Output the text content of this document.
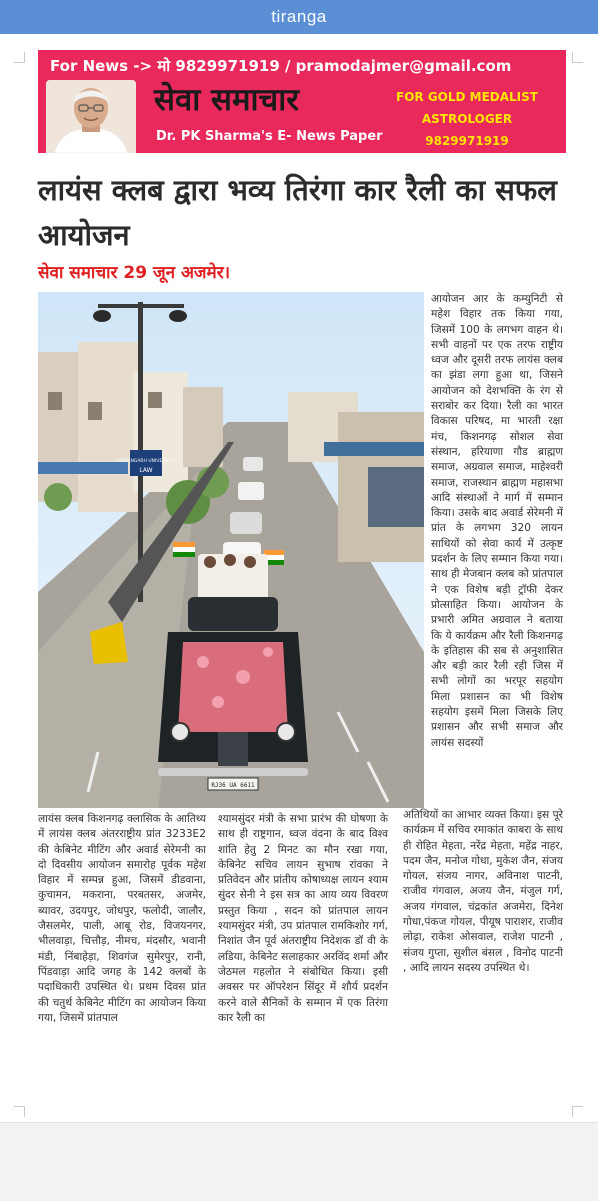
tiranga
For News -> मो 9829971919 / pramodajmer@gmail.com
सेवा समाचार
Dr. PK Sharma's E- News Paper
FOR GOLD MEDALIST
ASTROLOGER
9829971919
लायंस क्लब द्वारा भव्य तिरंगा कार रैली का सफल आयोजन
सेवा समाचार 29 जून अजमेर।
KISHANGARH UNIVERSITY
LAW
RJ36 UA 6611

आयोजन आर के कम्युनिटी से महेश विहार तक किया गया, जिसमें 100 के लगभग वाहन थे। सभी वाहनों पर एक तरफ राष्ट्रीय ध्वज और दूसरी तरफ लायंस क्लब का झंडा लगा हुआ था, जिसने आयोजन को देशभक्ति के रंग से सराबोर कर दिया। रैली का भारत विकास परिषद, मा भारती रक्षा मंच, किशनगढ़ सोशल सेवा संस्थान, हरियाणा गौड ब्राह्मण समाज, अग्रवाल समाज, माहेश्वरी समाज, राजस्थान ब्राह्मण महासभा आदि संस्थाओं ने मार्ग में सम्मान किया। उसके बाद अवार्ड सेरेमनी में प्रांत के लगभग 320 लायन साथियों को सेवा कार्य में उत्कृष्ट प्रदर्शन के लिए सम्मान किया गया। साथ ही मेजबान क्लब को प्रांतपाल ने एक विशेष बड़ी ट्रॉफी देकर प्रोत्साहित किया। आयोजन के प्रभारी अमित अग्रवाल ने बताया कि ये कार्यक्रम और रैली किशनगढ़ के इतिहास की सब से अनुशासित और बड़ी कार रैली रही जिस में सभी लोगों का भरपूर सहयोग मिला प्रशासन का भी विशेष सहयोग इसमें मिला जिसके लिए प्रशासन और सभी समाज और लायंस सदस्यों

अतिथियों का आभार व्यक्त किया। इस पूरे कार्यक्रम में सचिव रमाकांत काबरा के साथ ही रोहित मेहता, नरेंद्र मेहता, महेंद्र नाहर, पदम जैन, मनोज गोधा, मुकेश जैन, संजय गोयल, संजय नागर, अविनाश पाटनी, राजीव गंगवाल, अजय जैन, मंजुल गर्ग, अजय गंगवाल, चंद्रकांत अजमेरा, दिनेश गोधा,पंकज गोयल, पीयूष पाराशर, राजीव लोढ़ा, राकेश ओसवाल, राजेश पाटनी , संजय गुप्ता, सुशील बंसल , विनोद पाटनी , आदि लायन सदस्य उपस्थित थे।

लायंस क्लब किशनगढ़ क्लासिक के आतिथ्य में लायंस क्लब अंतरराष्ट्रीय प्रांत 3233E2 की केबिनेट मीटिंग और अवार्ड सेरेमनी का दो दिवसीय आयोजन समारोह पूर्वक महेश विहार में सम्पन्न हुआ, जिसमें डीडवाना, कुचामन, मकराना, परबतसर, अजमेर, ब्यावर, उदयपुर, जोधपुर, फलोदी, जालौर, जैसलमेर, पाली, आबू रोड, विजयनगर, भीलवाड़ा, चित्तौड़, नीमच, मंदसौर, भवानी मंडी, निंबाहेड़ा, शिवगंज सुमेरपुर, रानी, पिंडवाड़ा आदि जगह के 142 क्लबों के पदाधिकारी उपस्थित थे। प्रथम दिवस प्रांत की चतुर्थ केबिनेट मीटिंग का आयोजन किया गया, जिसमें प्रांतपाल

श्यामसुंदर मंत्री के सभा प्रारंभ की घोषणा के साथ ही राष्ट्रगान, ध्वज वंदना के बाद विश्व शांति हेतु 2 मिनट का मौन रखा गया, केबिनेट सचिव लायन सुभाष रांवका ने प्रतिवेदन और प्रांतीय कोषाध्यक्ष लायन श्याम सुंदर सेनी ने इस सत्र का आय व्यय विवरण प्रस्तुत किया , सदन को प्रांतपाल लायन श्यामसुंदर मंत्री, उप प्रांतपाल रामकिशोर गर्ग, निशांत जैन पूर्व अंतराष्ट्रीय निदेशक डॉ वी के लडिया, केबिनेट सलाहकार अरविंद शर्मा और जेठमल गहलोत ने संबोधित किया। इसी अवसर पर ऑपरेशन सिंदूर में शौर्य प्रदर्शन करने वाले सैनिकों के सम्मान में एक तिरंगा कार रैली का
